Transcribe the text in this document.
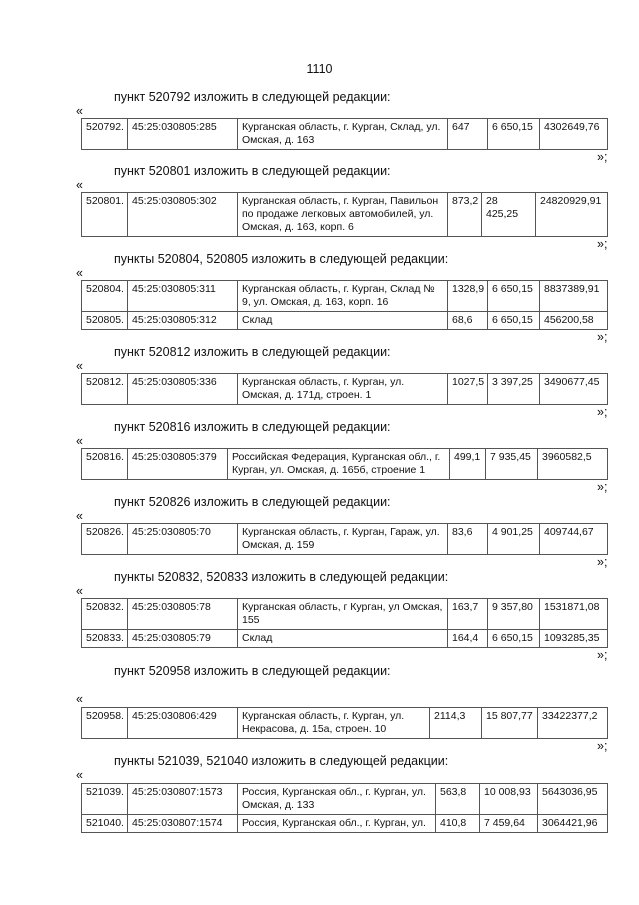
1110
пункт 520792 изложить в следующей редакции:
«
520792.	45:25:030805:285	Курганская область, г. Курган, Склад, ул. Омская, д. 163	647	6 650,15	4302649,76
»;
пункт 520801 изложить в следующей редакции:
«
520801.	45:25:030805:302	Курганская область, г. Курган, Павильон по продаже легковых автомобилей, ул. Омская, д. 163, корп. 6	873,2	28 425,25	24820929,91
»;
пункты 520804, 520805 изложить в следующей редакции:
«
520804.	45:25:030805:311	Курганская область, г. Курган, Склад № 9, ул. Омская, д. 163, корп. 16	1328,9	6 650,15	8837389,91
520805.	45:25:030805:312	Склад	68,6	6 650,15	456200,58
»;
пункт 520812 изложить в следующей редакции:
«
520812.	45:25:030805:336	Курганская область, г. Курган, ул. Омская, д. 171д, строен. 1	1027,5	3 397,25	3490677,45
»;
пункт 520816 изложить в следующей редакции:
«
520816.	45:25:030805:379	Российская Федерация, Курганская обл., г. Курган, ул. Омская, д. 165б, строение 1	499,1	7 935,45	3960582,5
»;
пункт 520826 изложить в следующей редакции:
«
520826.	45:25:030805:70	Курганская область, г. Курган, Гараж, ул. Омская, д. 159	83,6	4 901,25	409744,67
»;
пункты 520832, 520833 изложить в следующей редакции:
«
520832.	45:25:030805:78	Курганская область, г Курган, ул Омская, 155	163,7	9 357,80	1531871,08
520833.	45:25:030805:79	Склад	164,4	6 650,15	1093285,35
»;
пункт 520958 изложить в следующей редакции:
«
520958.	45:25:030806:429	Курганская область, г. Курган, ул. Некрасова, д. 15а, строен. 10	2114,3	15 807,77	33422377,2
»;
пункты 521039, 521040 изложить в следующей редакции:
«
521039.	45:25:030807:1573	Россия, Курганская обл., г. Курган, ул. Омская, д. 133	563,8	10 008,93	5643036,95
521040.	45:25:030807:1574	Россия, Курганская обл., г. Курган, ул.	410,8	7 459,64	3064421,96
